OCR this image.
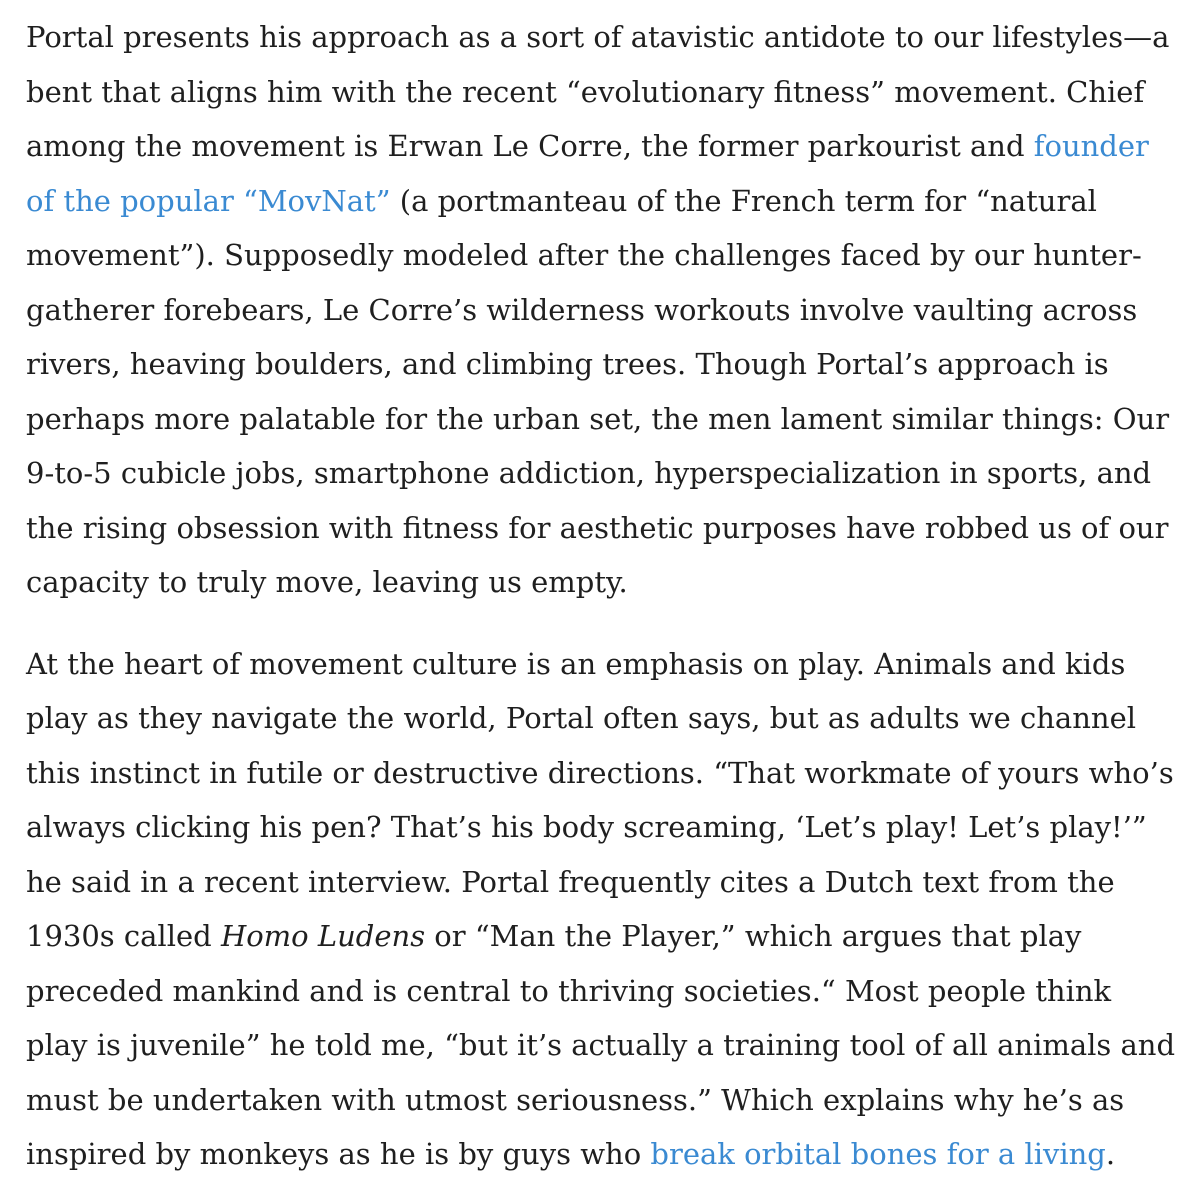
Portal presents his approach as a sort of atavistic antidote to our lifestyles—a bent that aligns him with the recent “evolutionary fitness” movement. Chief among the movement is Erwan Le Corre, the former parkourist and founder of the popular “MovNat” (a portmanteau of the French term for “natural movement”). Supposedly modeled after the challenges faced by our hunter-gatherer forebears, Le Corre’s wilderness workouts involve vaulting across rivers, heaving boulders, and climbing trees. Though Portal’s approach is perhaps more palatable for the urban set, the men lament similar things: Our 9-to-5 cubicle jobs, smartphone addiction, hyperspecialization in sports, and the rising obsession with fitness for aesthetic purposes have robbed us of our capacity to truly move, leaving us empty.

At the heart of movement culture is an emphasis on play. Animals and kids play as they navigate the world, Portal often says, but as adults we channel this instinct in futile or destructive directions. “That workmate of yours who’s always clicking his pen? That’s his body screaming, ‘Let’s play! Let’s play!’” he said in a recent interview. Portal frequently cites a Dutch text from the 1930s called Homo Ludens or “Man the Player,” which argues that play preceded mankind and is central to thriving societies.“ Most people think play is juvenile” he told me, “but it’s actually a training tool of all animals and must be undertaken with utmost seriousness.” Which explains why he’s as inspired by monkeys as he is by guys who break orbital bones for a living.
